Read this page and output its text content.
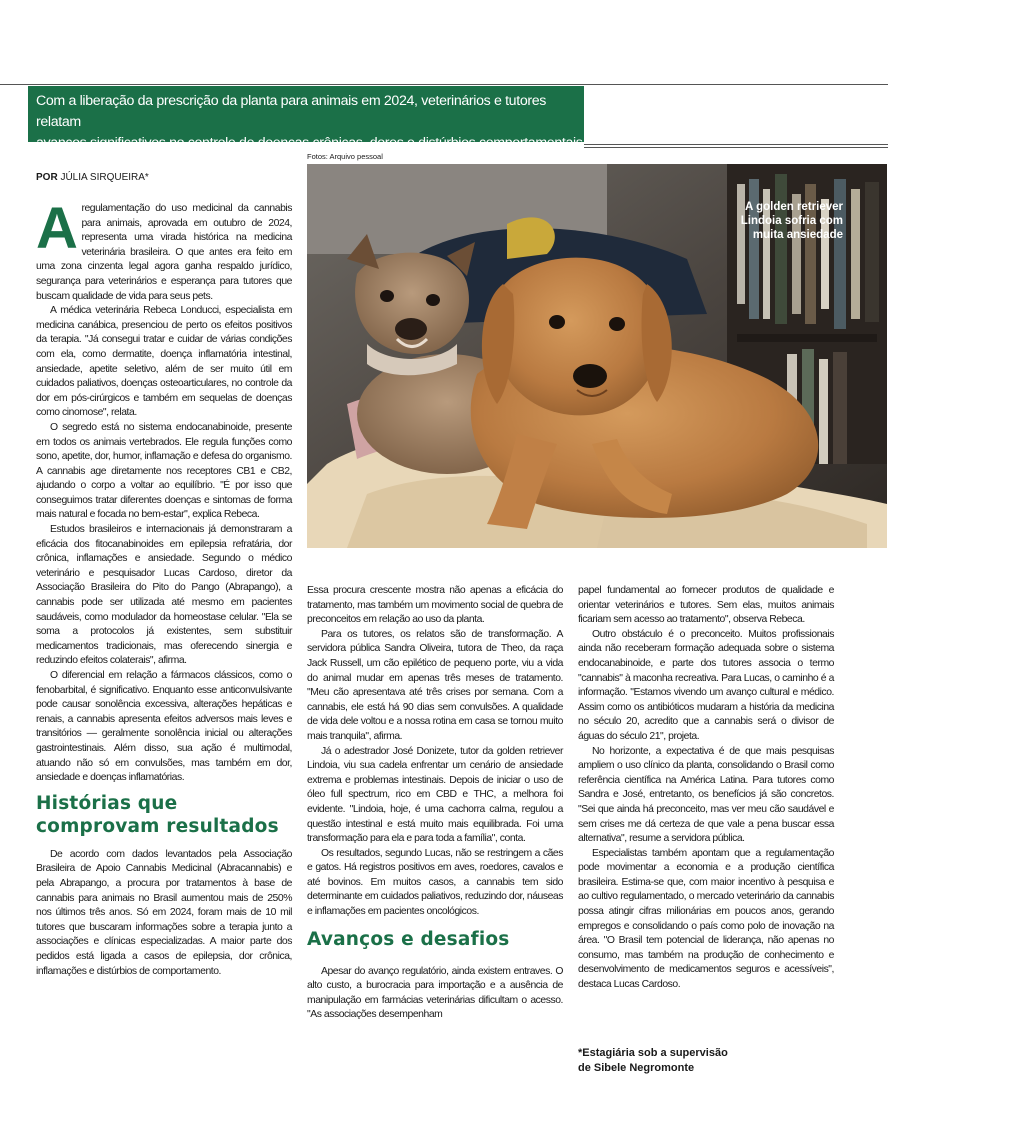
Com a liberação da prescrição da planta para animais em 2024, veterinários e tutores relatam
avanços significativos no controle de doenças crônicas, dores e distúrbios comportamentais
Fotos: Arquivo pessoal
A golden retriever
Lindoia sofria com
muita ansiedade
POR JÚLIA SIRQUEIRA*

Aregulamentação do uso medicinal da cannabis para animais, aprovada em outubro de 2024, representa uma virada histórica na medicina veterinária brasileira. O que antes era feito em uma zona cinzenta legal agora ganha respaldo jurídico, segurança para veterinários e esperança para tutores que buscam qualidade de vida para seus pets.

A médica veterinária Rebeca Londucci, especialista em medicina canábica, presenciou de perto os efeitos positivos da terapia. "Já consegui tratar e cuidar de várias condições com ela, como dermatite, doença inflamatória intestinal, ansiedade, apetite seletivo, além de ser muito útil em cuidados paliativos, doenças osteoarticulares, no controle da dor em pós-cirúrgicos e também em sequelas de doenças como cinomose", relata.

O segredo está no sistema endocanabinoide, presente em todos os animais vertebrados. Ele regula funções como sono, apetite, dor, humor, inflamação e defesa do organismo. A cannabis age diretamente nos receptores CB1 e CB2, ajudando o corpo a voltar ao equilíbrio. "É por isso que conseguimos tratar diferentes doenças e sintomas de forma mais natural e focada no bem-estar", explica Rebeca.

Estudos brasileiros e internacionais já demonstraram a eficácia dos fitocanabinoides em epilepsia refratária, dor crônica, inflamações e ansiedade. Segundo o médico veterinário e pesquisador Lucas Cardoso, diretor da Associação Brasileira do Pito do Pango (Abrapango), a cannabis pode ser utilizada até mesmo em pacientes saudáveis, como modulador da homeostase celular. "Ela se soma a protocolos já existentes, sem substituir medicamentos tradicionais, mas oferecendo sinergia e reduzindo efeitos colaterais", afirma.

O diferencial em relação a fármacos clássicos, como o fenobarbital, é significativo. Enquanto esse anticonvulsivante pode causar sonolência excessiva, alterações hepáticas e renais, a cannabis apresenta efeitos adversos mais leves e transitórios — geralmente sonolência inicial ou alterações gastrointestinais. Além disso, sua ação é multimodal, atuando não só em convulsões, mas também em dor, ansiedade e doenças inflamatórias.

Histórias que
comprovam resultados

De acordo com dados levantados pela Associação Brasileira de Apoio Cannabis Medicinal (Abracannabis) e pela Abrapango, a procura por tratamentos à base de cannabis para animais no Brasil aumentou mais de 250% nos últimos três anos. Só em 2024, foram mais de 10 mil tutores que buscaram informações sobre a terapia junto a associações e clínicas especializadas. A maior parte dos pedidos está ligada a casos de epilepsia, dor crônica, inflamações e distúrbios de comportamento.

Essa procura crescente mostra não apenas a eficácia do tratamento, mas também um movimento social de quebra de preconceitos em relação ao uso da planta.

Para os tutores, os relatos são de transformação. A servidora pública Sandra Oliveira, tutora de Theo, da raça Jack Russell, um cão epilético de pequeno porte, viu a vida do animal mudar em apenas três meses de tratamento. "Meu cão apresentava até três crises por semana. Com a cannabis, ele está há 90 dias sem convulsões. A qualidade de vida dele voltou e a nossa rotina em casa se tornou muito mais tranquila", afirma.

Já o adestrador José Donizete, tutor da golden retriever Lindoia, viu sua cadela enfrentar um cenário de ansiedade extrema e problemas intestinais. Depois de iniciar o uso de óleo full spectrum, rico em CBD e THC, a melhora foi evidente. "Lindoia, hoje, é uma cachorra calma, regulou a questão intestinal e está muito mais equilibrada. Foi uma transformação para ela e para toda a família", conta.

Os resultados, segundo Lucas, não se restringem a cães e gatos. Há registros positivos em aves, roedores, cavalos e até bovinos. Em muitos casos, a cannabis tem sido determinante em cuidados paliativos, reduzindo dor, náuseas e inflamações em pacientes oncológicos.

Avanços e desafios

Apesar do avanço regulatório, ainda existem entraves. O alto custo, a burocracia para importação e a ausência de manipulação em farmácias veterinárias dificultam o acesso. "As associações desempenham

papel fundamental ao fornecer produtos de qualidade e orientar veterinários e tutores. Sem elas, muitos animais ficariam sem acesso ao tratamento", observa Rebeca.

Outro obstáculo é o preconceito. Muitos profissionais ainda não receberam formação adequada sobre o sistema endocanabinoide, e parte dos tutores associa o termo "cannabis" à maconha recreativa. Para Lucas, o caminho é a informação. "Estamos vivendo um avanço cultural e médico. Assim como os antibióticos mudaram a história da medicina no século 20, acredito que a cannabis será o divisor de águas do século 21", projeta.

No horizonte, a expectativa é de que mais pesquisas ampliem o uso clínico da planta, consolidando o Brasil como referência científica na América Latina. Para tutores como Sandra e José, entretanto, os benefícios já são concretos. "Sei que ainda há preconceito, mas ver meu cão saudável e sem crises me dá certeza de que vale a pena buscar essa alternativa", resume a servidora pública.

Especialistas também apontam que a regulamentação pode movimentar a economia e a produção científica brasileira. Estima-se que, com maior incentivo à pesquisa e ao cultivo regulamentado, o mercado veterinário da cannabis possa atingir cifras milionárias em poucos anos, gerando empregos e consolidando o país como polo de inovação na área. "O Brasil tem potencial de liderança, não apenas no consumo, mas também na produção de conhecimento e desenvolvimento de medicamentos seguros e acessíveis", destaca Lucas Cardoso.

*Estagiária sob a supervisão
de Sibele Negromonte
